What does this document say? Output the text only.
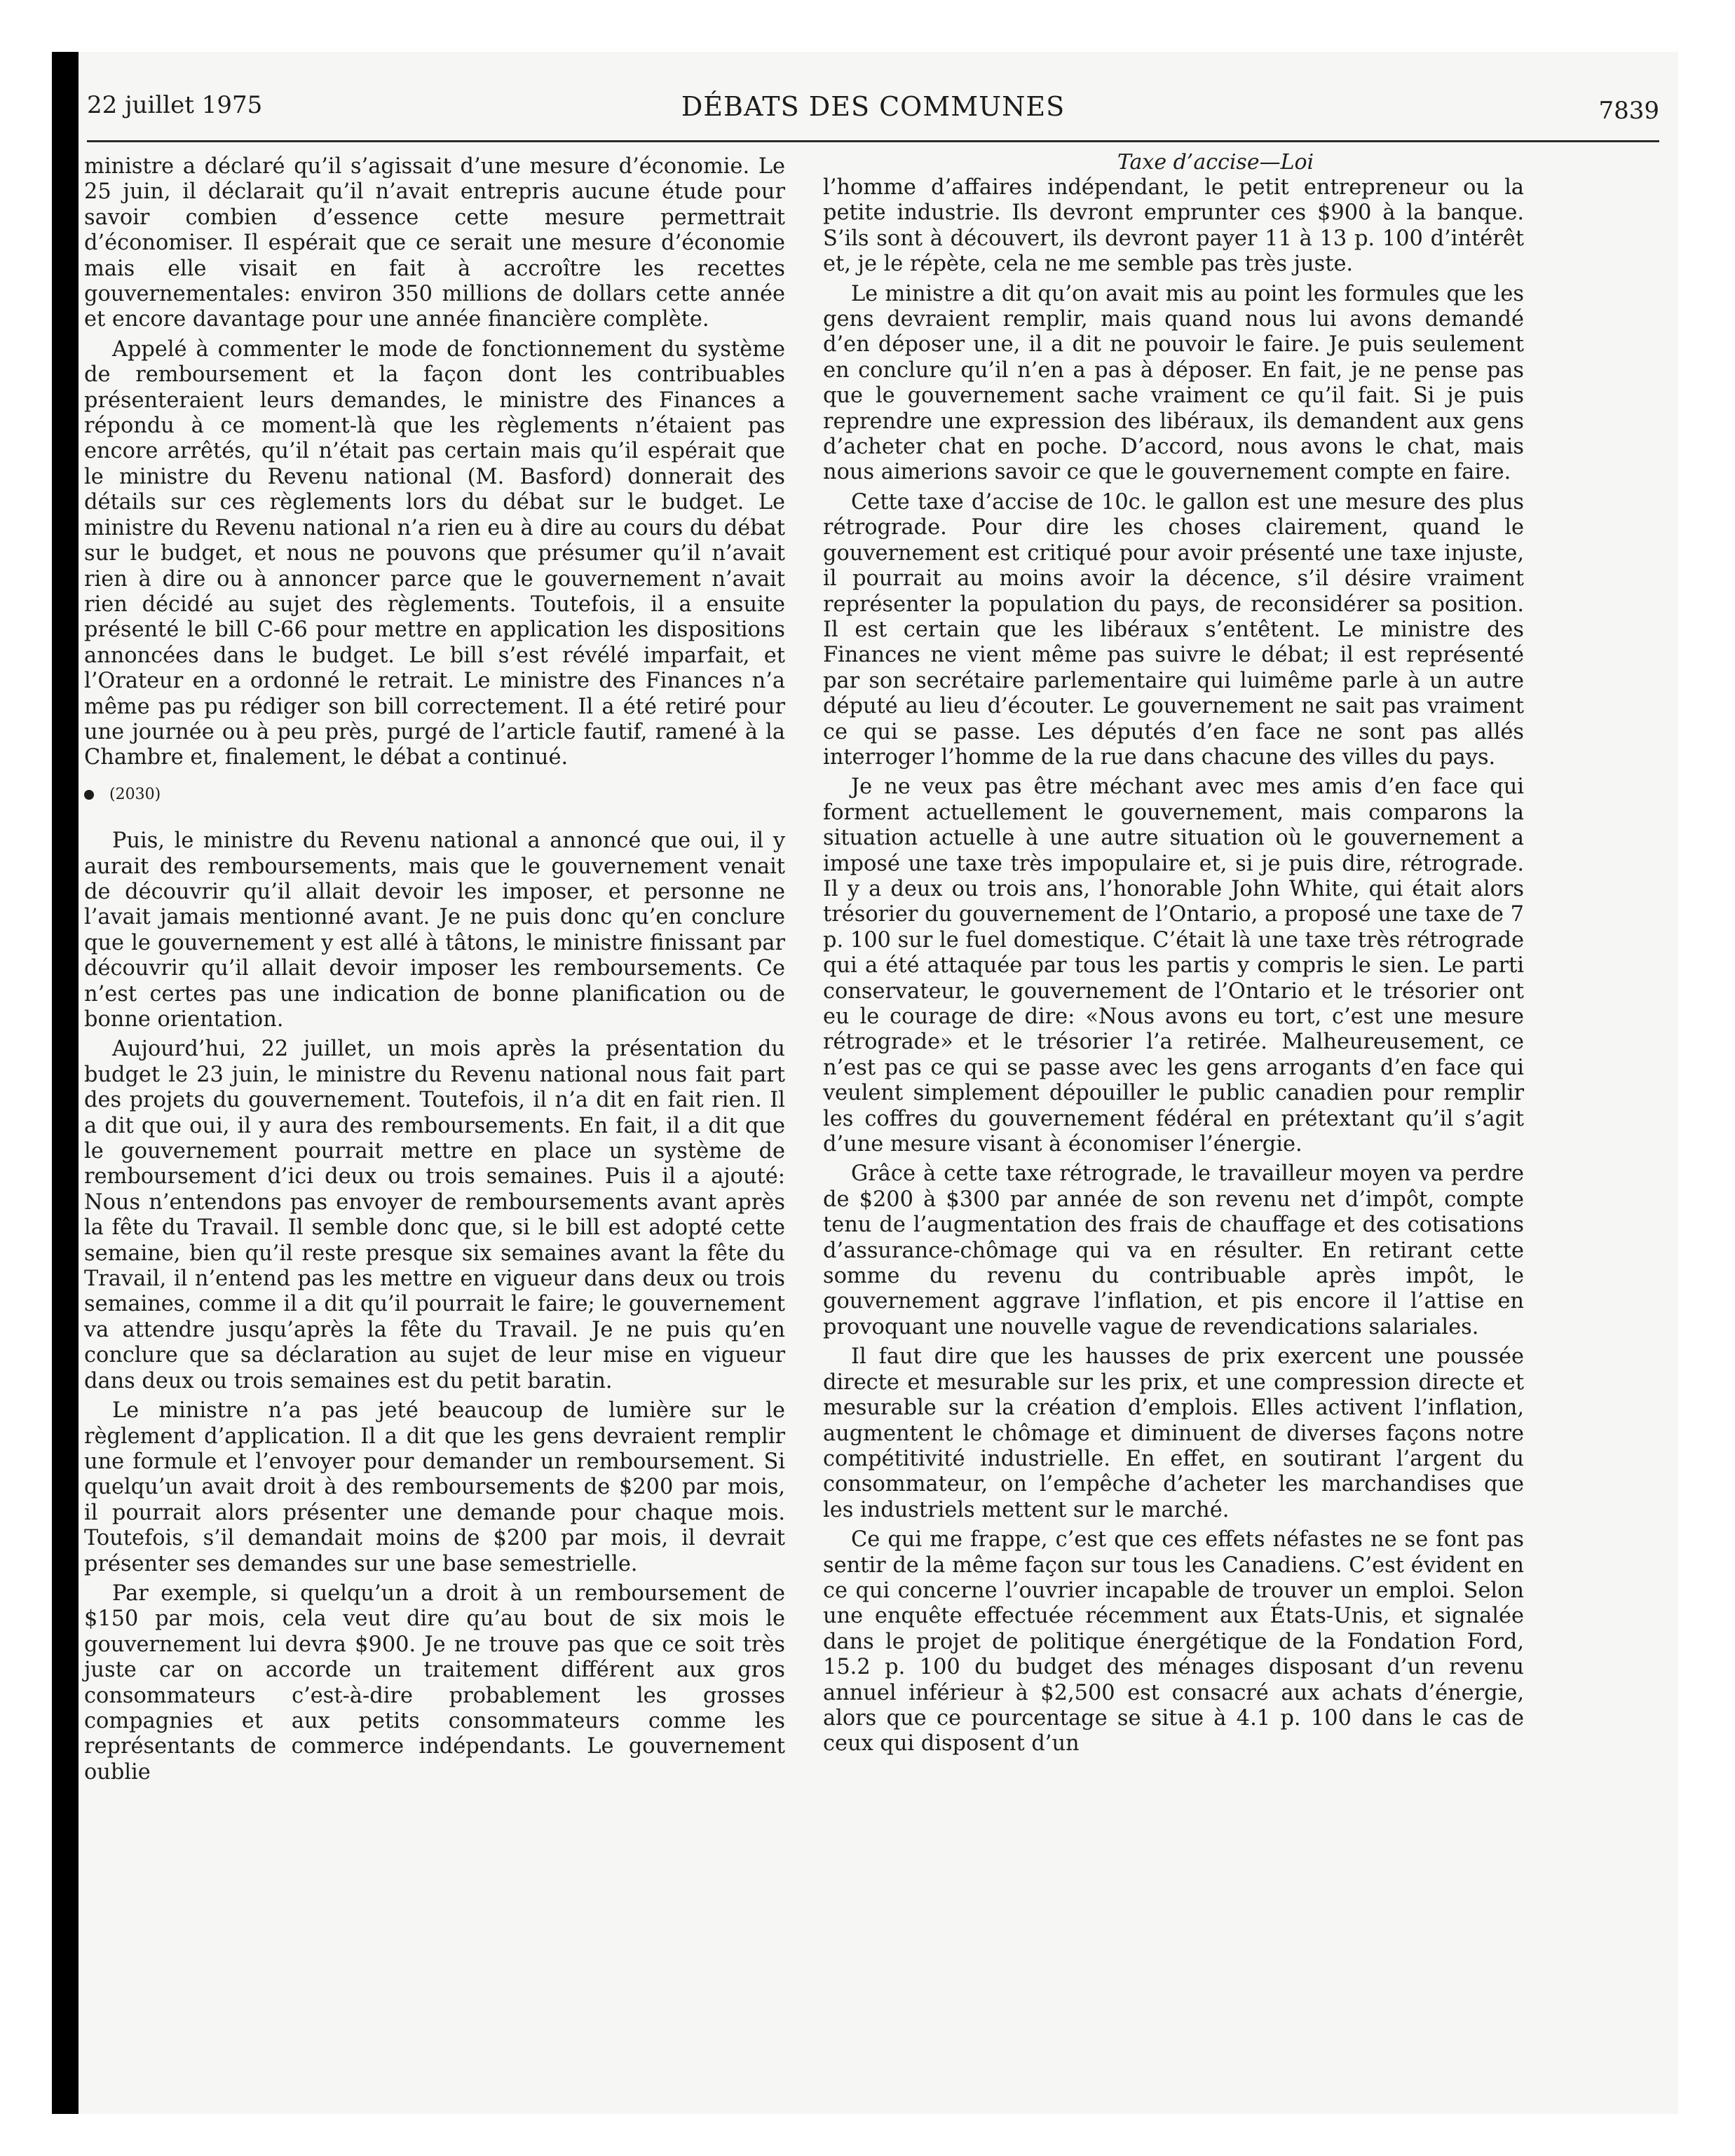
22 juillet 1975	DÉBATS DES COMMUNES	7839

ministre a déclaré qu’il s’agissait d’une mesure d’économie. Le 25 juin, il déclarait qu’il n’avait entrepris aucune étude pour savoir combien d’essence cette mesure permettrait d’économiser. Il espérait que ce serait une mesure d’économie mais elle visait en fait à accroître les recettes gouvernementales: environ 350 millions de dollars cette année et encore davantage pour une année financière complète.

Appelé à commenter le mode de fonctionnement du système de remboursement et la façon dont les contribuables présenteraient leurs demandes, le ministre des Finances a répondu à ce moment-là que les règlements n’étaient pas encore arrêtés, qu’il n’était pas certain mais qu’il espérait que le ministre du Revenu national (M. Basford) donnerait des détails sur ces règlements lors du débat sur le budget. Le ministre du Revenu national n’a rien eu à dire au cours du débat sur le budget, et nous ne pouvons que présumer qu’il n’avait rien à dire ou à annoncer parce que le gouvernement n’avait rien décidé au sujet des règlements. Toutefois, il a ensuite présenté le bill C-66 pour mettre en application les dispositions annoncées dans le budget. Le bill s’est révélé imparfait, et l’Orateur en a ordonné le retrait. Le ministre des Finances n’a même pas pu rédiger son bill correctement. Il a été retiré pour une journée ou à peu près, purgé de l’article fautif, ramené à la Chambre et, finalement, le débat a continué.

(2030)

Puis, le ministre du Revenu national a annoncé que oui, il y aurait des remboursements, mais que le gouvernement venait de découvrir qu’il allait devoir les imposer, et personne ne l’avait jamais mentionné avant. Je ne puis donc qu’en conclure que le gouvernement y est allé à tâtons, le ministre finissant par découvrir qu’il allait devoir imposer les remboursements. Ce n’est certes pas une indication de bonne planification ou de bonne orientation.

Aujourd’hui, 22 juillet, un mois après la présentation du budget le 23 juin, le ministre du Revenu national nous fait part des projets du gouvernement. Toutefois, il n’a dit en fait rien. Il a dit que oui, il y aura des remboursements. En fait, il a dit que le gouvernement pourrait mettre en place un système de remboursement d’ici deux ou trois semaines. Puis il a ajouté: Nous n’entendons pas envoyer de remboursements avant après la fête du Travail. Il semble donc que, si le bill est adopté cette semaine, bien qu’il reste presque six semaines avant la fête du Travail, il n’entend pas les mettre en vigueur dans deux ou trois semaines, comme il a dit qu’il pourrait le faire; le gouvernement va attendre jusqu’après la fête du Travail. Je ne puis qu’en conclure que sa déclaration au sujet de leur mise en vigueur dans deux ou trois semaines est du petit baratin.

Le ministre n’a pas jeté beaucoup de lumière sur le règlement d’application. Il a dit que les gens devraient remplir une formule et l’envoyer pour demander un remboursement. Si quelqu’un avait droit à des remboursements de $200 par mois, il pourrait alors présenter une demande pour chaque mois. Toutefois, s’il demandait moins de $200 par mois, il devrait présenter ses demandes sur une base semestrielle.

Par exemple, si quelqu’un a droit à un remboursement de $150 par mois, cela veut dire qu’au bout de six mois le gouvernement lui devra $900. Je ne trouve pas que ce soit très juste car on accorde un traitement différent aux gros consommateurs c’est-à-dire probablement les grosses compagnies et aux petits consommateurs comme les représentants de commerce indépendants. Le gouvernement oublie

Taxe d’accise—Loi

l’homme d’affaires indépendant, le petit entrepreneur ou la petite industrie. Ils devront emprunter ces $900 à la banque. S’ils sont à découvert, ils devront payer 11 à 13 p. 100 d’intérêt et, je le répète, cela ne me semble pas très juste.

Le ministre a dit qu’on avait mis au point les formules que les gens devraient remplir, mais quand nous lui avons demandé d’en déposer une, il a dit ne pouvoir le faire. Je puis seulement en conclure qu’il n’en a pas à déposer. En fait, je ne pense pas que le gouvernement sache vraiment ce qu’il fait. Si je puis reprendre une expression des libéraux, ils demandent aux gens d’acheter chat en poche. D’accord, nous avons le chat, mais nous aimerions savoir ce que le gouvernement compte en faire.

Cette taxe d’accise de 10c. le gallon est une mesure des plus rétrograde. Pour dire les choses clairement, quand le gouvernement est critiqué pour avoir présenté une taxe injuste, il pourrait au moins avoir la décence, s’il désire vraiment représenter la population du pays, de reconsidérer sa position. Il est certain que les libéraux s’entêtent. Le ministre des Finances ne vient même pas suivre le débat; il est représenté par son secrétaire parlementaire qui luimême parle à un autre député au lieu d’écouter. Le gouvernement ne sait pas vraiment ce qui se passe. Les députés d’en face ne sont pas allés interroger l’homme de la rue dans chacune des villes du pays.

Je ne veux pas être méchant avec mes amis d’en face qui forment actuellement le gouvernement, mais comparons la situation actuelle à une autre situation où le gouvernement a imposé une taxe très impopulaire et, si je puis dire, rétrograde. Il y a deux ou trois ans, l’honorable John White, qui était alors trésorier du gouvernement de l’Ontario, a proposé une taxe de 7 p. 100 sur le fuel domestique. C’était là une taxe très rétrograde qui a été attaquée par tous les partis y compris le sien. Le parti conservateur, le gouvernement de l’Ontario et le trésorier ont eu le courage de dire: «Nous avons eu tort, c’est une mesure rétrograde» et le trésorier l’a retirée. Malheureusement, ce n’est pas ce qui se passe avec les gens arrogants d’en face qui veulent simplement dépouiller le public canadien pour remplir les coffres du gouvernement fédéral en prétextant qu’il s’agit d’une mesure visant à économiser l’énergie.

Grâce à cette taxe rétrograde, le travailleur moyen va perdre de $200 à $300 par année de son revenu net d’impôt, compte tenu de l’augmentation des frais de chauffage et des cotisations d’assurance-chômage qui va en résulter. En retirant cette somme du revenu du contribuable après impôt, le gouvernement aggrave l’inflation, et pis encore il l’attise en provoquant une nouvelle vague de revendications salariales.

Il faut dire que les hausses de prix exercent une poussée directe et mesurable sur les prix, et une compression directe et mesurable sur la création d’emplois. Elles activent l’inflation, augmentent le chômage et diminuent de diverses façons notre compétitivité industrielle. En effet, en soutirant l’argent du consommateur, on l’empêche d’acheter les marchandises que les industriels mettent sur le marché.

Ce qui me frappe, c’est que ces effets néfastes ne se font pas sentir de la même façon sur tous les Canadiens. C’est évident en ce qui concerne l’ouvrier incapable de trouver un emploi. Selon une enquête effectuée récemment aux États-Unis, et signalée dans le projet de politique énergétique de la Fondation Ford, 15.2 p. 100 du budget des ménages disposant d’un revenu annuel inférieur à $2,500 est consacré aux achats d’énergie, alors que ce pourcentage se situe à 4.1 p. 100 dans le cas de ceux qui disposent d’un
